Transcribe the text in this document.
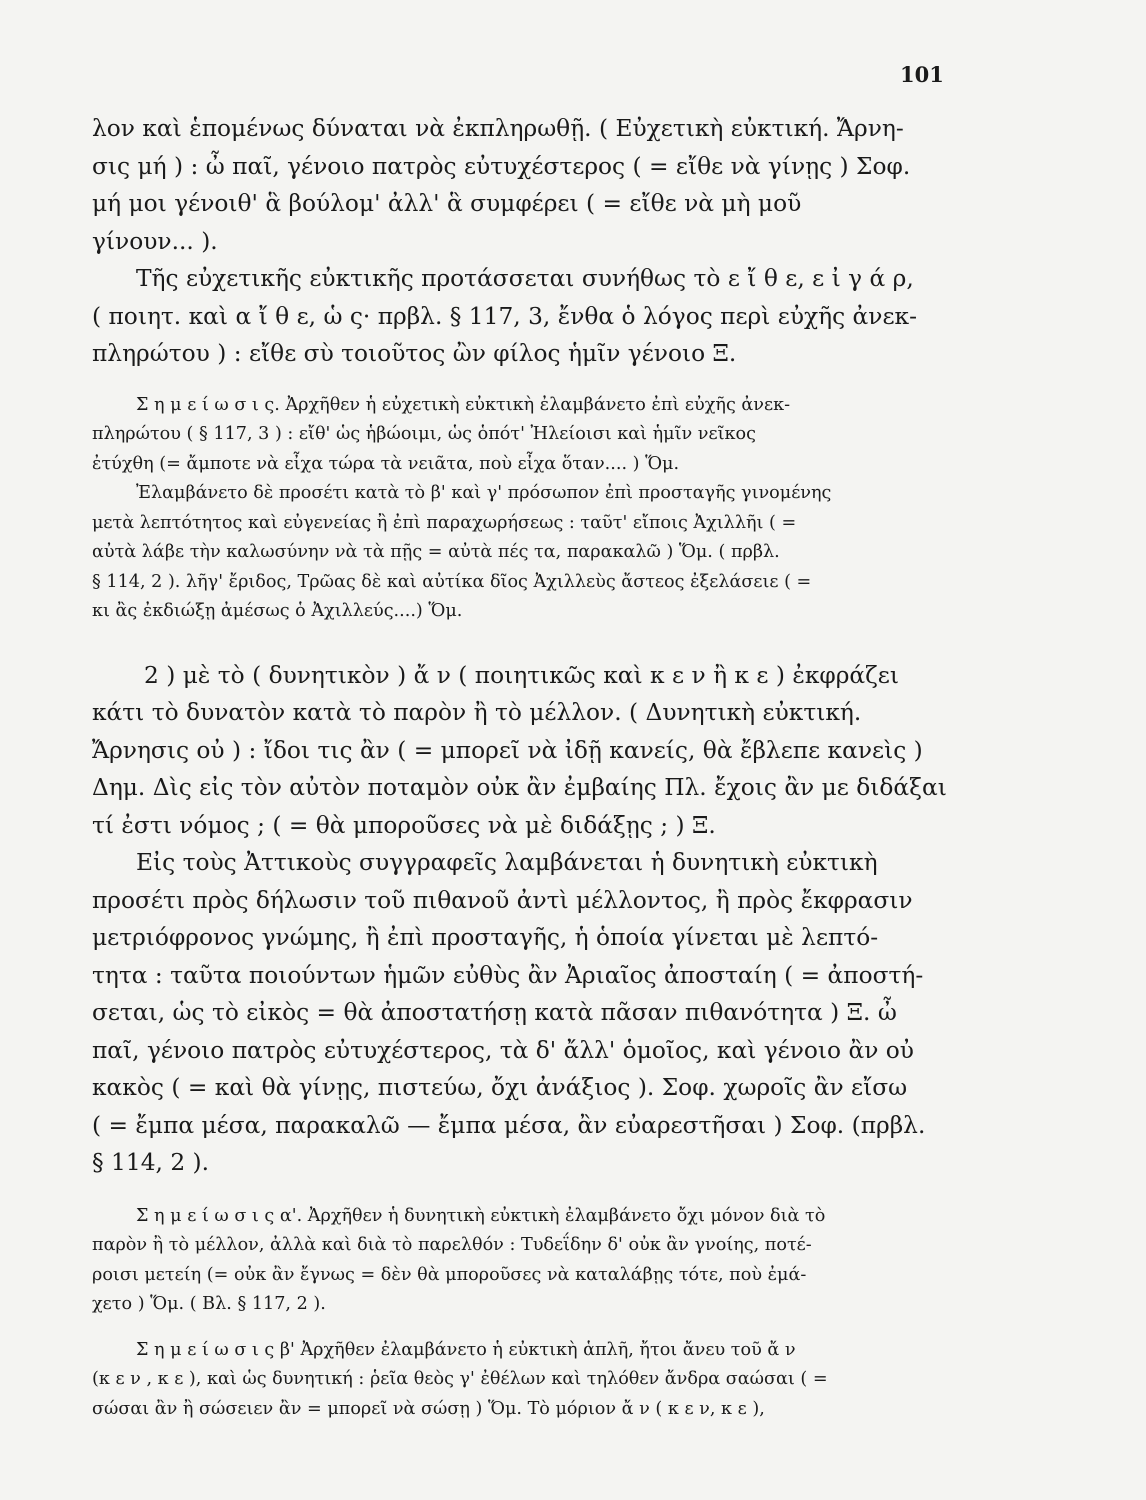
101

λον καὶ ἑπομένως δύναται νὰ ἐκπληρωθῇ. ( Εὐχετικὴ εὐκτική. Ἄρνη-
σις μή ) : ὦ παῖ, γένοιο πατρὸς εὐτυχέστερος ( = εἴθε νὰ γίνῃς ) Σοφ.
μή μοι γένοιθ' ἃ βούλομ' ἀλλ' ἃ συμφέρει ( = εἴθε νὰ μὴ μοῦ
γίνουν... ).
Τῆς εὐχετικῆς εὐκτικῆς προτάσσεται συνήθως τὸ ε ἴ θ ε, ε ἰ γ ά ρ,
( ποιητ. καὶ α ἴ θ ε, ὡ ς· πρβλ. § 117, 3, ἔνθα ὁ λόγος περὶ εὐχῆς ἀνεκ-
πληρώτου ) : εἴθε σὺ τοιοῦτος ὢν φίλος ἡμῖν γένοιο Ξ.

Σ η μ ε ί ω σ ι ς. Ἀρχῆθεν ἡ εὐχετικὴ εὐκτικὴ ἐλαμβάνετο ἐπὶ εὐχῆς ἀνεκ-
πληρώτου ( § 117, 3 ) : εἴθ' ὡς ἡβώοιμι, ὡς ὁπότ' Ἠλείοισι καὶ ἡμῖν νεῖκος
ἐτύχθη (= ἄμποτε νὰ εἶχα τώρα τὰ νειᾶτα, ποὺ εἶχα ὅταν.... ) Ὅμ.
Ἐλαμβάνετο δὲ προσέτι κατὰ τὸ β' καὶ γ' πρόσωπον ἐπὶ προσταγῆς γινομένης
μετὰ λεπτότητος καὶ εὐγενείας ἢ ἐπὶ παραχωρήσεως : ταῦτ' εἴποις Ἀχιλλῆι ( =
αὐτὰ λάβε τὴν καλωσύνην νὰ τὰ πῇς = αὐτὰ πές τα, παρακαλῶ ) Ὅμ. ( πρβλ.
§ 114, 2 ). λῆγ' ἔριδος, Τρῶας δὲ καὶ αὐτίκα δῖος Ἀχιλλεὺς ἄστεος ἐξελάσειε ( =
κι ἂς ἐκδιώξῃ ἀμέσως ὁ Ἀχιλλεύς....) Ὅμ.

2 ) μὲ τὸ ( δυνητικὸν ) ἄ ν ( ποιητικῶς καὶ κ ε ν ἢ κ ε ) ἐκφράζει
κάτι τὸ δυνατὸν κατὰ τὸ παρὸν ἢ τὸ μέλλον. ( Δυνητικὴ εὐκτική.
Ἄρνησις οὐ ) : ἴδοι τις ἂν ( = μπορεῖ νὰ ἰδῇ κανείς, θὰ ἔβλεπε κανεὶς )
Δημ. Δὶς εἰς τὸν αὐτὸν ποταμὸν οὐκ ἂν ἐμβαίης Πλ. ἔχοις ἂν με διδάξαι
τί ἐστι νόμος ; ( = θὰ μποροῦσες νὰ μὲ διδάξῃς ; ) Ξ.
Εἰς τοὺς Ἀττικοὺς συγγραφεῖς λαμβάνεται ἡ δυνητικὴ εὐκτικὴ
προσέτι πρὸς δήλωσιν τοῦ πιθανοῦ ἀντὶ μέλλοντος, ἢ πρὸς ἔκφρασιν
μετριόφρονος γνώμης, ἢ ἐπὶ προσταγῆς, ἡ ὁποία γίνεται μὲ λεπτό-
τητα : ταῦτα ποιούντων ἡμῶν εὐθὺς ἂν Ἀριαῖος ἀποσταίη ( = ἀποστή-
σεται, ὡς τὸ εἰκὸς = θὰ ἀποστατήσῃ κατὰ πᾶσαν πιθανότητα ) Ξ. ὦ
παῖ, γένοιο πατρὸς εὐτυχέστερος, τὰ δ' ἄλλ' ὁμοῖος, καὶ γένοιο ἂν οὐ
κακὸς ( = καὶ θὰ γίνῃς, πιστεύω, ὄχι ἀνάξιος ). Σοφ. χωροῖς ἂν εἴσω
( = ἔμπα μέσα, παρακαλῶ — ἔμπα μέσα, ἂν εὐαρεστῆσαι ) Σοφ. (πρβλ.
§ 114, 2 ).

Σ η μ ε ί ω σ ι ς α'. Ἀρχῆθεν ἡ δυνητικὴ εὐκτικὴ ἐλαμβάνετο ὄχι μόνον διὰ τὸ
παρὸν ἢ τὸ μέλλον, ἀλλὰ καὶ διὰ τὸ παρελθόν : Τυδεΐδην δ' οὐκ ἂν γνοίης, ποτέ-
ροισι μετείη (= οὐκ ἂν ἔγνως = δὲν θὰ μποροῦσες νὰ καταλάβῃς τότε, ποὺ ἐμά-
χετο ) Ὅμ. ( Βλ. § 117, 2 ).

Σ η μ ε ί ω σ ι ς β' Ἀρχῆθεν ἐλαμβάνετο ἡ εὐκτικὴ ἁπλῆ, ἤτοι ἄνευ τοῦ ἄ ν
(κ ε ν , κ ε ), καὶ ὡς δυνητική : ῥεῖα θεὸς γ' ἐθέλων καὶ τηλόθεν ἄνδρα σαώσαι ( =
σώσαι ἂν ἢ σώσειεν ἂν = μπορεῖ νὰ σώσῃ ) Ὅμ. Τὸ μόριον ἄ ν ( κ ε ν, κ ε ),
